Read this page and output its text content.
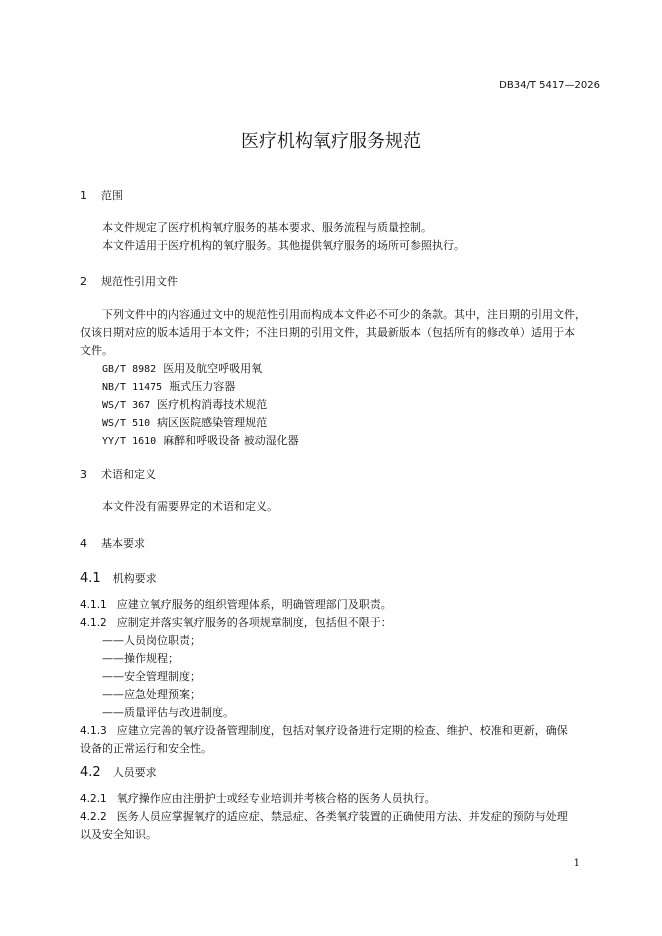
DB34/T 5417—2026
医疗机构氧疗服务规范
1 范围
本文件规定了医疗机构氧疗服务的基本要求、服务流程与质量控制。
本文件适用于医疗机构的氧疗服务。其他提供氧疗服务的场所可参照执行。
2 规范性引用文件
下列文件中的内容通过文中的规范性引用而构成本文件必不可少的条款。其中，注日期的引用文件，
仅该日期对应的版本适用于本文件；不注日期的引用文件，其最新版本（包括所有的修改单）适用于本
文件。
GB/T 8982 医用及航空呼吸用氧
NB/T 11475 瓶式压力容器
WS/T 367 医疗机构消毒技术规范
WS/T 510 病区医院感染管理规范
YY/T 1610 麻醉和呼吸设备 被动湿化器
3 术语和定义
本文件没有需要界定的术语和定义。
4 基本要求
4.1 机构要求
4.1.1 应建立氧疗服务的组织管理体系，明确管理部门及职责。
4.1.2 应制定并落实氧疗服务的各项规章制度，包括但不限于：
——人员岗位职责；
——操作规程；
——安全管理制度；
——应急处理预案；
——质量评估与改进制度。
4.1.3 应建立完善的氧疗设备管理制度，包括对氧疗设备进行定期的检查、维护、校准和更新，确保
设备的正常运行和安全性。
4.2 人员要求
4.2.1 氧疗操作应由注册护士或经专业培训并考核合格的医务人员执行。
4.2.2 医务人员应掌握氧疗的适应症、禁忌症、各类氧疗装置的正确使用方法、并发症的预防与处理
以及安全知识。
1
